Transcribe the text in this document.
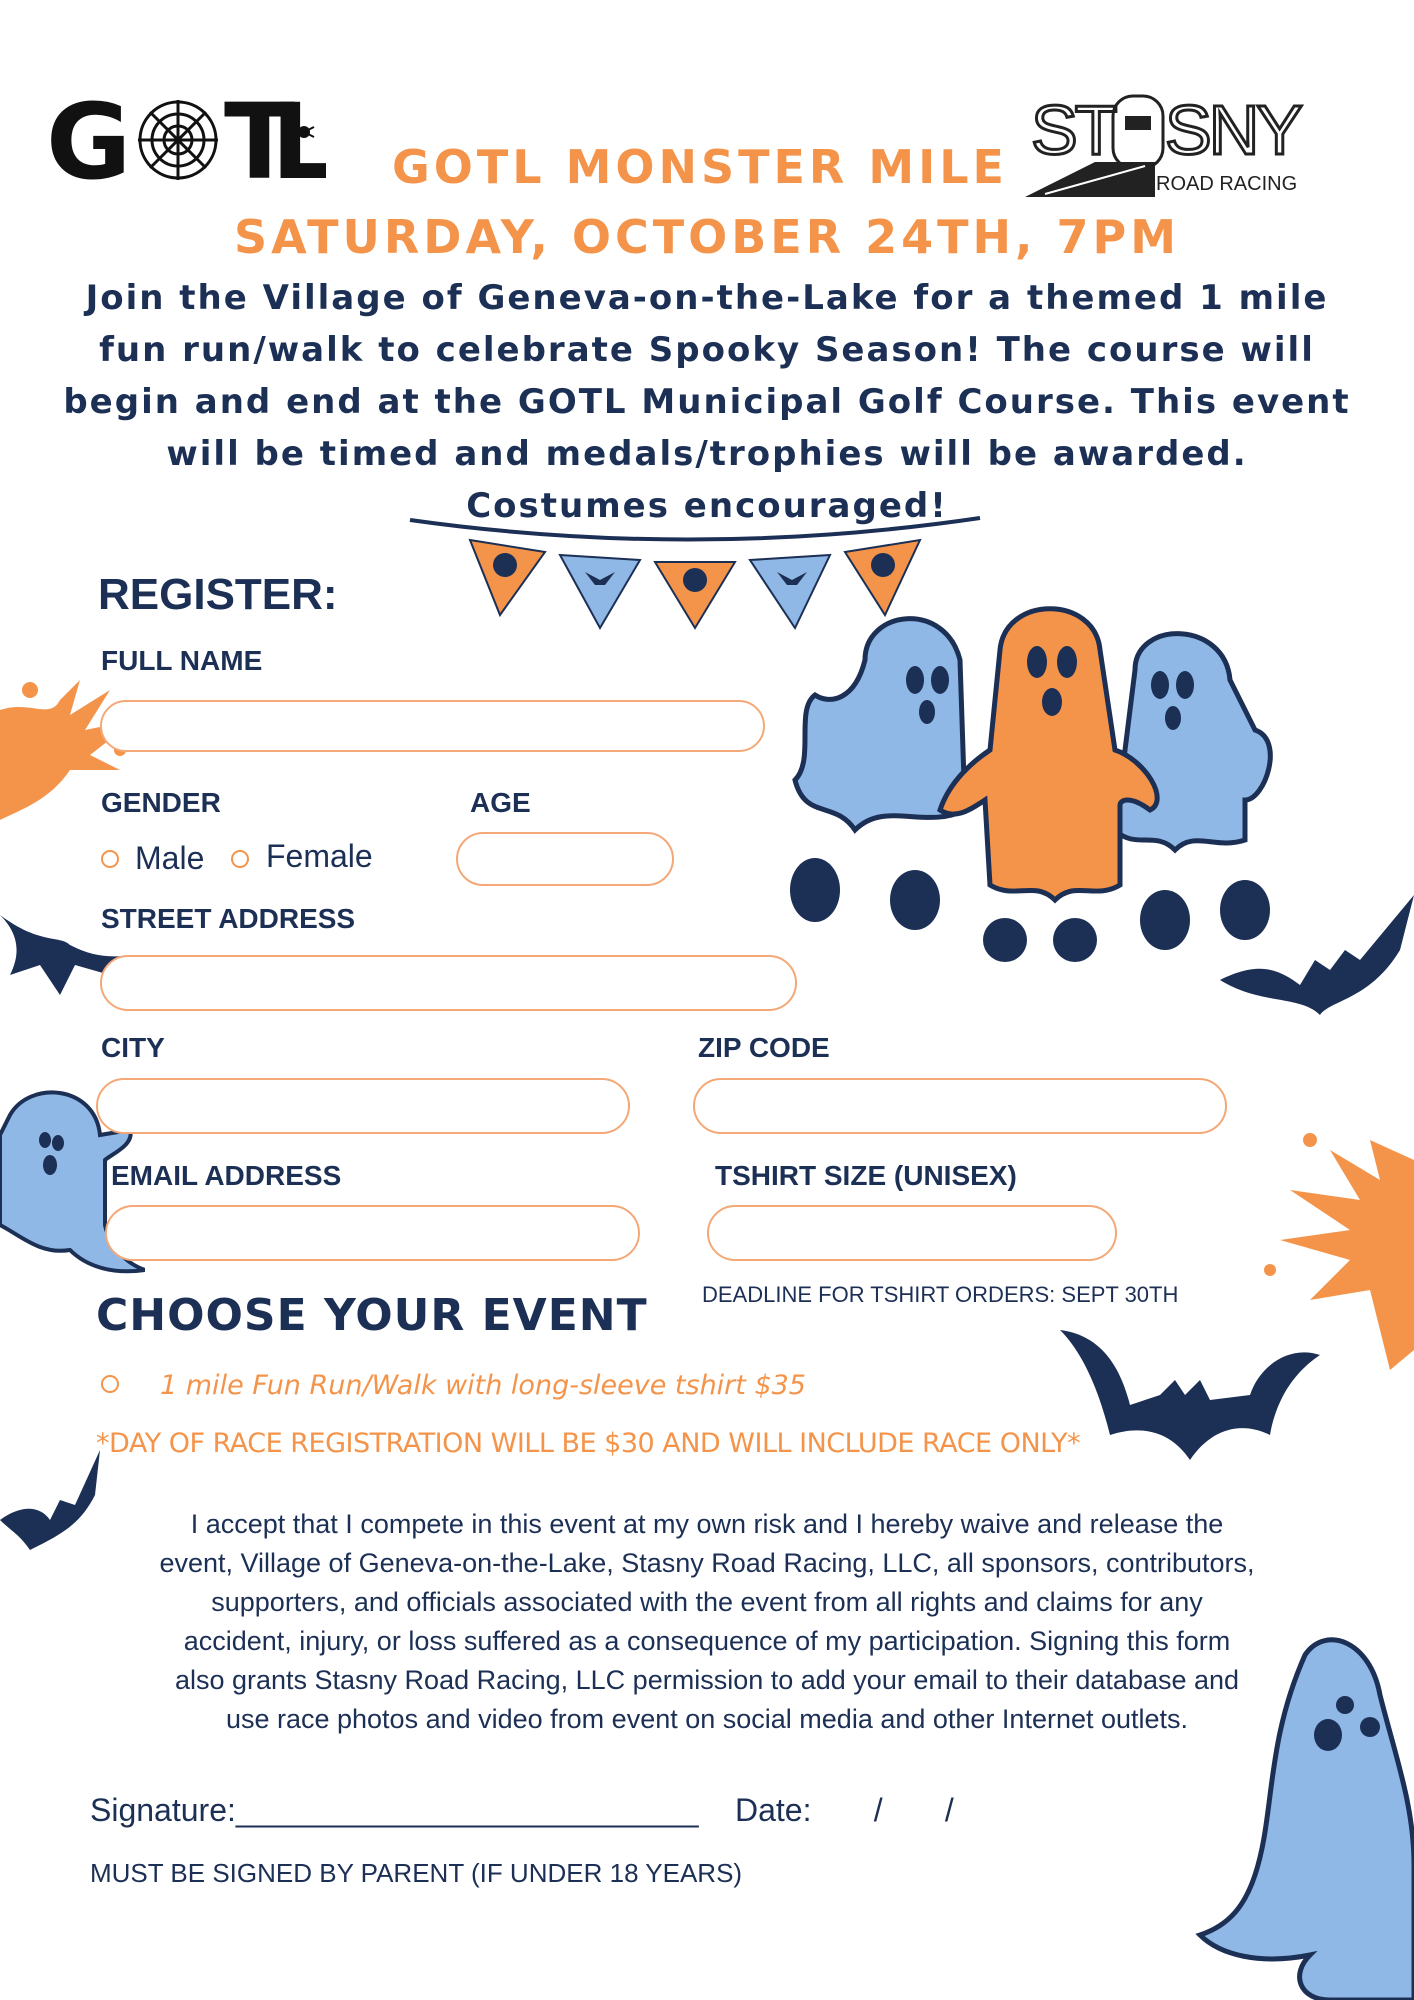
G T
L	ST SNY
ROAD RACING
GOTL MONSTER MILE
SATURDAY, OCTOBER 24TH, 7PM
Join the Village of Geneva-on-the-Lake for a themed 1 mile
fun run/walk to celebrate Spooky Season! The course will
begin and end at the GOTL Municipal Golf Course. This event
will be timed and medals/trophies will be awarded.
Costumes encouraged!
REGISTER:
FULL NAME
GENDER	AGE
Male Female
STREET ADDRESS
CITY	ZIP CODE
EMAIL ADDRESS	TSHIRT SIZE (UNISEX)
DEADLINE FOR TSHIRT ORDERS: SEPT 30TH
CHOOSE YOUR EVENT
1 mile Fun Run/Walk with long-sleeve tshirt $35
*DAY OF RACE REGISTRATION WILL BE $30 AND WILL INCLUDE RACE ONLY*
I accept that I compete in this event at my own risk and I hereby waive and release the
event, Village of Geneva-on-the-Lake, Stasny Road Racing, LLC, all sponsors, contributors,
supporters, and officials associated with the event from all rights and claims for any
accident, injury, or loss suffered as a consequence of my participation. Signing this form
also grants Stasny Road Racing, LLC permission to add your email to their database and
use race photos and video from event on social media and other Internet outlets.
Signature:__________________________ Date:       /       /
MUST BE SIGNED BY PARENT (IF UNDER 18 YEARS)
